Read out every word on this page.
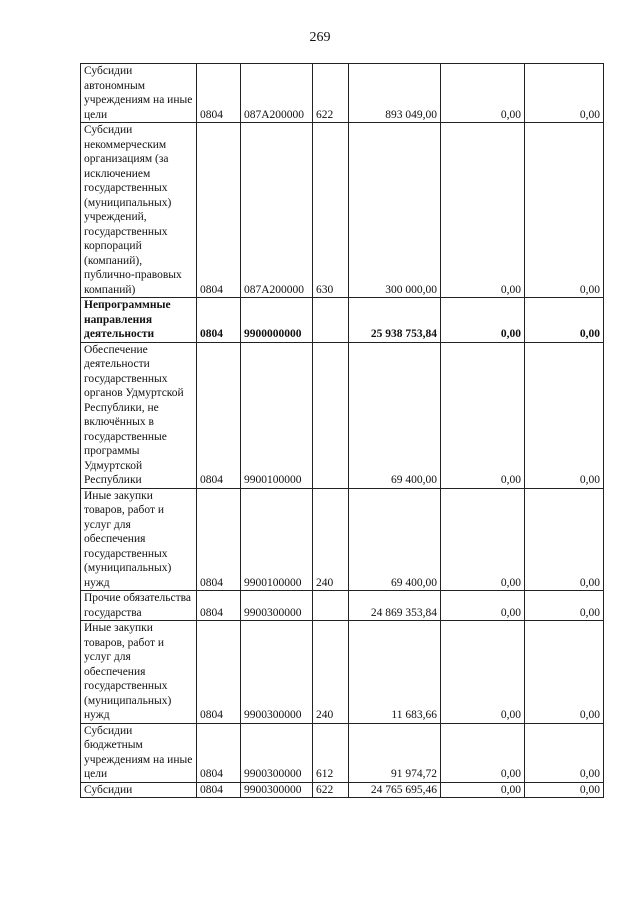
269
Субсидии автономным учреждениям на иные цели	0804	087А200000	622	893 049,00	0,00	0,00
Субсидии некоммерческим организациям (за исключением государственных (муниципальных) учреждений, государственных корпораций (компаний), публично-правовых компаний)	0804	087А200000	630	300 000,00	0,00	0,00
Непрограммные направления деятельности	0804	9900000000		25 938 753,84	0,00	0,00
Обеспечение деятельности государственных органов Удмуртской Республики, не включённых в государственные программы Удмуртской Республики	0804	9900100000		69 400,00	0,00	0,00
Иные закупки товаров, работ и услуг для обеспечения государственных (муниципальных) нужд	0804	9900100000	240	69 400,00	0,00	0,00
Прочие обязательства государства	0804	9900300000		24 869 353,84	0,00	0,00
Иные закупки товаров, работ и услуг для обеспечения государственных (муниципальных) нужд	0804	9900300000	240	11 683,66	0,00	0,00
Субсидии бюджетным учреждениям на иные цели	0804	9900300000	612	91 974,72	0,00	0,00
Субсидии	0804	9900300000	622	24 765 695,46	0,00	0,00
